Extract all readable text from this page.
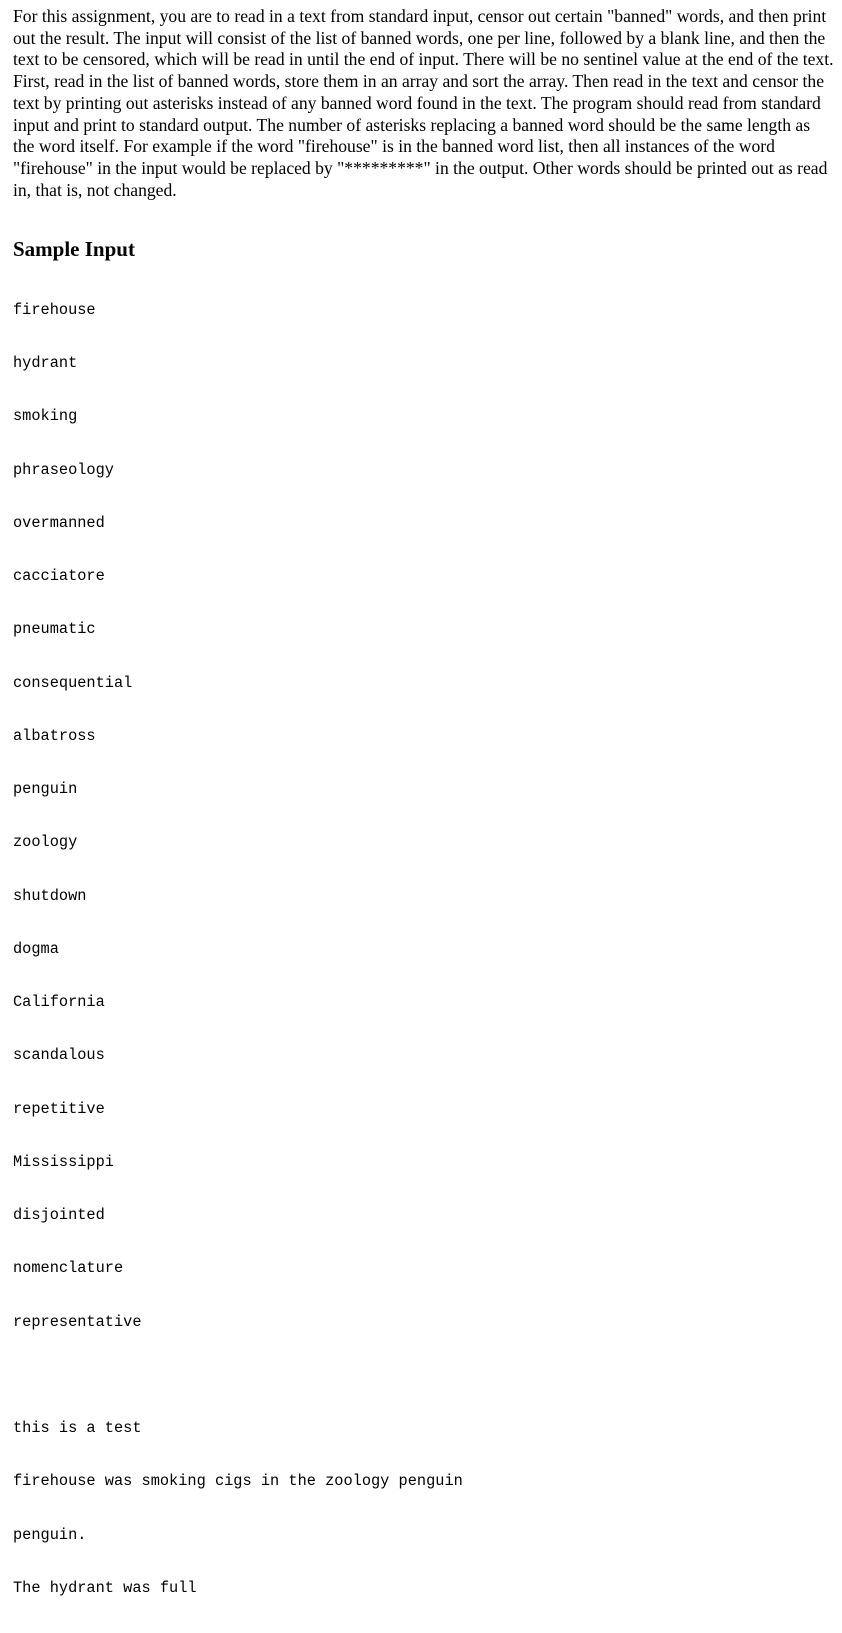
For this assignment, you are to read in a text from standard input, censor out certain "banned" words, and then print out the result. The input will consist of the list of banned words, one per line, followed by a blank line, and then the text to be censored, which will be read in until the end of input. There will be no sentinel value at the end of the text. First, read in the list of banned words, store them in an array and sort the array. Then read in the text and censor the text by printing out asterisks instead of any banned word found in the text. The program should read from standard input and print to standard output. The number of asterisks replacing a banned word should be the same length as the word itself. For example if the word "firehouse" is in the banned word list, then all instances of the word "firehouse" in the input would be replaced by "*********" in the output. Other words should be printed out as read in, that is, not changed.

Sample Input

firehouse

hydrant

smoking

phraseology

overmanned

cacciatore

pneumatic

consequential

albatross

penguin

zoology

shutdown

dogma

California

scandalous

repetitive

Mississippi

disjointed

nomenclature

representative

this is a test

firehouse was smoking cigs in the zoology penguin

penguin.

The hydrant was full
